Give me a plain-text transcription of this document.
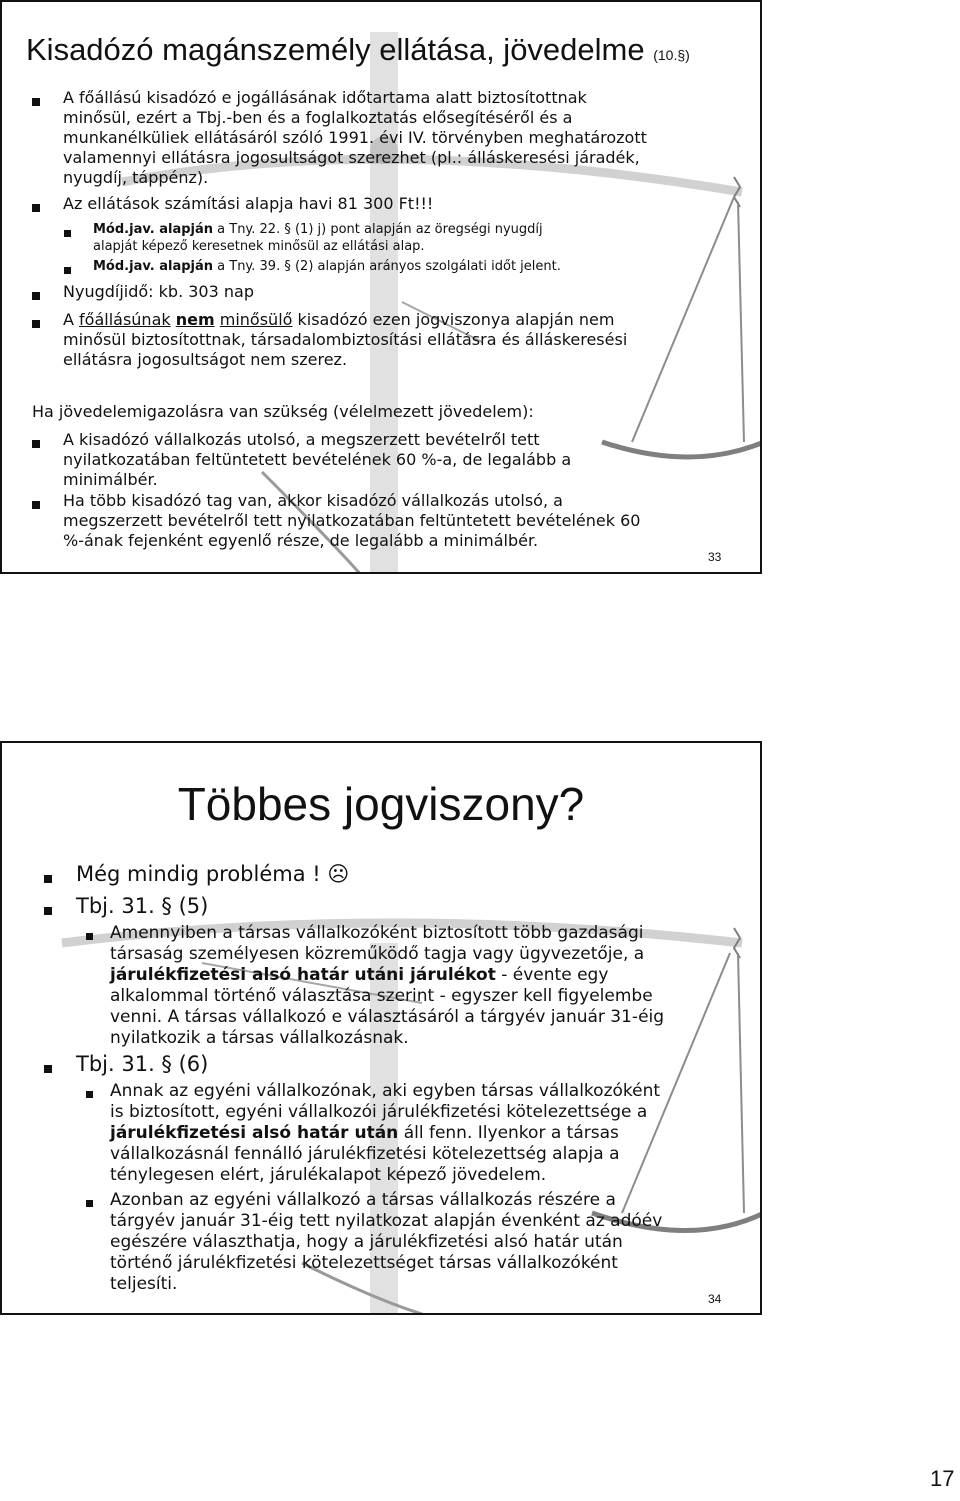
Kisadózó magánszemély ellátása, jövedelme (10.§)
A főállású kisadózó e jogállásának időtartama alatt biztosítottnak
minősül, ezért a Tbj.-ben és a foglalkoztatás elősegítéséről és a
munkanélküliek ellátásáról szóló 1991. évi IV. törvényben meghatározott
valamennyi ellátásra jogosultságot szerezhet (pl.: álláskeresési járadék,
nyugdíj, táppénz).
Az ellátások számítási alapja havi 81 300 Ft!!!
Mód.jav. alapján a Tny. 22. § (1) j) pont alapján az öregségi nyugdíj
alapját képező keresetnek minősül az ellátási alap.
Mód.jav. alapján a Tny. 39. § (2) alapján arányos szolgálati időt jelent.
Nyugdíjidő: kb. 303 nap
A főállásúnak nem minősülő kisadózó ezen jogviszonya alapján nem
minősül biztosítottnak, társadalombiztosítási ellátásra és álláskeresési
ellátásra jogosultságot nem szerez.
Ha jövedelemigazolásra van szükség (vélelmezett jövedelem):
A kisadózó vállalkozás utolsó, a megszerzett bevételről tett
nyilatkozatában feltüntetett bevételének 60 %-a, de legalább a
minimálbér.
Ha több kisadózó tag van, akkor kisadózó vállalkozás utolsó, a
megszerzett bevételről tett nyilatkozatában feltüntetett bevételének 60
%-ának fejenként egyenlő része, de legalább a minimálbér.
33
Többes jogviszony?
Még mindig probléma ! ☹
Tbj. 31. § (5)
Amennyiben a társas vállalkozóként biztosított több gazdasági
társaság személyesen közreműködő tagja vagy ügyvezetője, a
járulékfizetési alsó határ utáni járulékot - évente egy
alkalommal történő választása szerint - egyszer kell figyelembe
venni. A társas vállalkozó e választásáról a tárgyév január 31-éig
nyilatkozik a társas vállalkozásnak.
Tbj. 31. § (6)
Annak az egyéni vállalkozónak, aki egyben társas vállalkozóként
is biztosított, egyéni vállalkozói járulékfizetési kötelezettsége a
járulékfizetési alsó határ után áll fenn. Ilyenkor a társas
vállalkozásnál fennálló járulékfizetési kötelezettség alapja a
ténylegesen elért, járulékalapot képező jövedelem.
Azonban az egyéni vállalkozó a társas vállalkozás részére a
tárgyév január 31-éig tett nyilatkozat alapján évenként az adóév
egészére választhatja, hogy a járulékfizetési alsó határ után
történő járulékfizetési kötelezettséget társas vállalkozóként
teljesíti.
34
17
